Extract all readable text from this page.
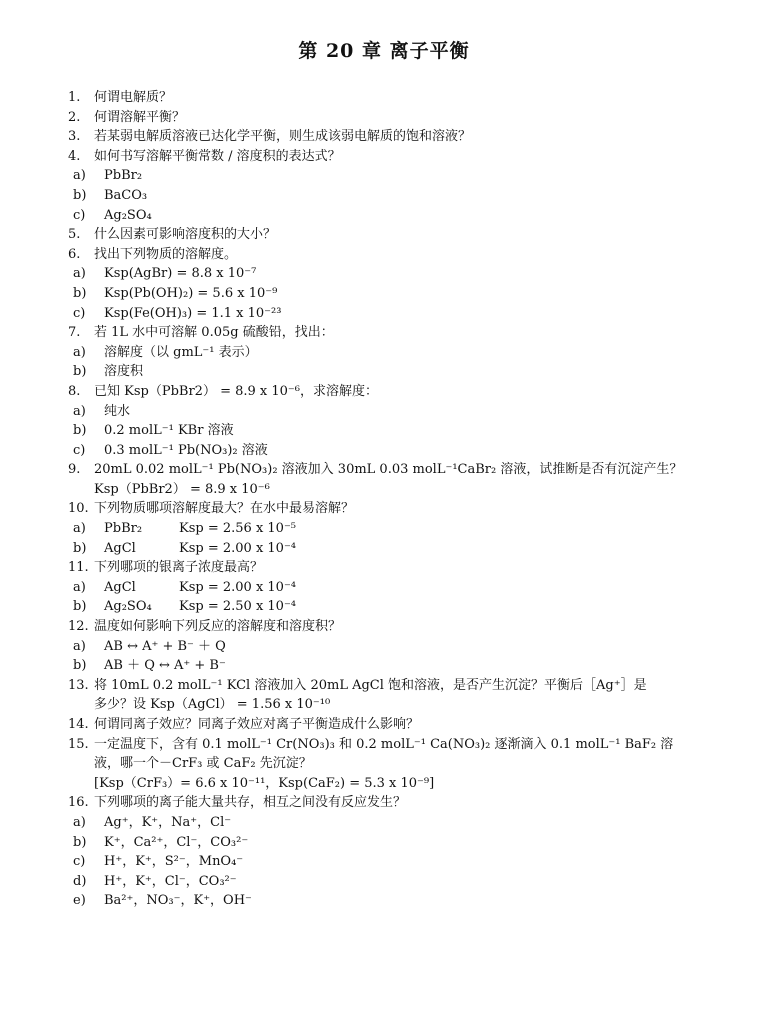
第 20 章 离子平衡
1. 何谓电解质？
2. 何谓溶解平衡？
3. 若某弱电解质溶液已达化学平衡，则生成该弱电解质的饱和溶液？
4. 如何书写溶解平衡常数 / 溶度积的表达式？
a) PbBr₂
b) BaCO₃
c) Ag₂SO₄
5. 什么因素可影响溶度积的大小？
6. 找出下列物质的溶解度。
a) Ksp(AgBr) = 8.8 x 10⁻⁷
b) Ksp(Pb(OH)₂) = 5.6 x 10⁻⁹
c) Ksp(Fe(OH)₃) = 1.1 x 10⁻²³
7. 若 1L 水中可溶解 0.05g 硫酸铅，找出：
a) 溶解度（以 gmL⁻¹ 表示）
b) 溶度积
8. 已知 Ksp（PbBr2） = 8.9 x 10⁻⁶，求溶解度：
a) 纯水
b) 0.2 molL⁻¹ KBr 溶液
c) 0.3 molL⁻¹ Pb(NO₃)₂ 溶液
9. 20mL 0.02 molL⁻¹ Pb(NO₃)₂ 溶液加入 30mL 0.03 molL⁻¹CaBr₂ 溶液，试推断是否有沉淀产生？
Ksp（PbBr2） = 8.9 x 10⁻⁶
10. 下列物质哪项溶解度最大？在水中最易溶解？
a) PbBr₂	Ksp = 2.56 x 10⁻⁵
b) AgCl	Ksp = 2.00 x 10⁻⁴
11. 下列哪项的银离子浓度最高？
a) AgCl	Ksp = 2.00 x 10⁻⁴
b) Ag₂SO₄ Ksp = 2.50 x 10⁻⁴
12. 温度如何影响下列反应的溶解度和溶度积？
a) AB ↔ A⁺ + B⁻ ＋ Q
b) AB ＋ Q ↔ A⁺ + B⁻
13. 将 10mL 0.2 molL⁻¹ KCl 溶液加入 20mL AgCl 饱和溶液，是否产生沉淀？平衡后［Ag⁺］是
多少？设 Ksp（AgCl） = 1.56 x 10⁻¹⁰
14. 何谓同离子效应？同离子效应对离子平衡造成什么影响？
15. 一定温度下，含有 0.1 molL⁻¹ Cr(NO₃)₃ 和 0.2 molL⁻¹ Ca(NO₃)₂ 逐渐滴入 0.1 molL⁻¹ BaF₂ 溶
液，哪一个－CrF₃ 或 CaF₂ 先沉淀？
[Ksp（CrF₃）= 6.6 x 10⁻¹¹，Ksp(CaF₂) = 5.3 x 10⁻⁹]
16. 下列哪项的离子能大量共存，相互之间没有反应发生？
a) Ag⁺，K⁺，Na⁺，Cl⁻
b) K⁺，Ca²⁺，Cl⁻，CO₃²⁻
c) H⁺，K⁺，S²⁻，MnO₄⁻
d) H⁺，K⁺，Cl⁻，CO₃²⁻
e) Ba²⁺，NO₃⁻，K⁺，OH⁻
